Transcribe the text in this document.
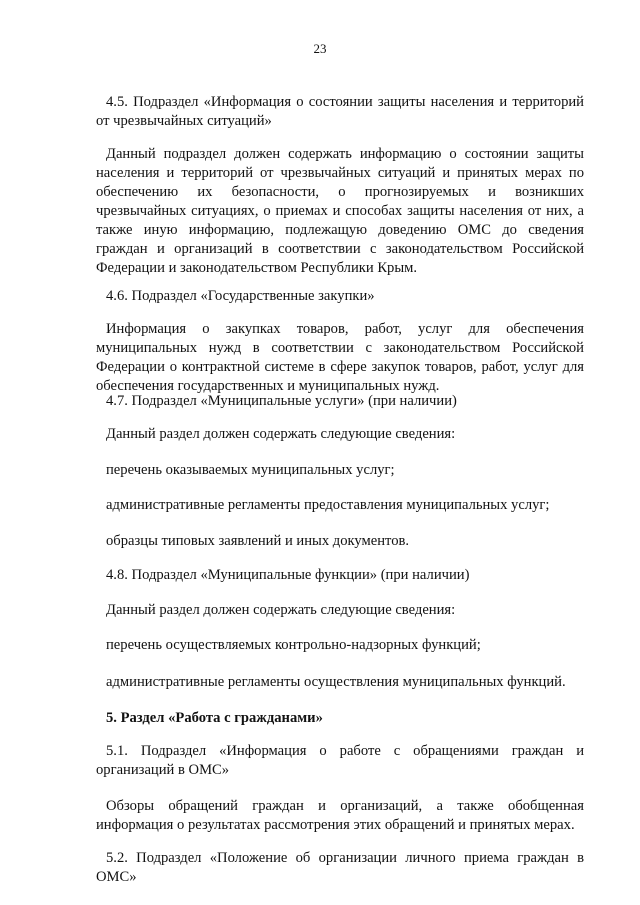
23

4.5. Подраздел «Информация о состоянии защиты населения и территорий от чрезвычайных ситуаций»

Данный подраздел должен содержать информацию о состоянии защиты населения и территорий от чрезвычайных ситуаций и принятых мерах по обеспечению их безопасности, о прогнозируемых и возникших чрезвычайных ситуациях, о приемах и способах защиты населения от них, а также иную информацию, подлежащую доведению ОМС до сведения граждан и организаций в соответствии с законодательством Российской Федерации и законодательством Республики Крым.

4.6. Подраздел «Государственные закупки»

Информация о закупках товаров, работ, услуг для обеспечения муниципальных нужд в соответствии с законодательством Российской Федерации о контрактной системе в сфере закупок товаров, работ, услуг для обеспечения государственных и муниципальных нужд.

4.7. Подраздел «Муниципальные услуги» (при наличии)

Данный раздел должен содержать следующие сведения:

перечень оказываемых муниципальных услуг;

административные регламенты предоставления муниципальных услуг;

образцы типовых заявлений и иных документов.

4.8. Подраздел «Муниципальные функции» (при наличии)

Данный раздел должен содержать следующие сведения:

перечень осуществляемых контрольно-надзорных функций;

административные регламенты осуществления муниципальных функций.

5. Раздел «Работа с гражданами»

5.1. Подраздел «Информация о работе с обращениями граждан и организаций в ОМС»

Обзоры обращений граждан и организаций, а также обобщенная информация о результатах рассмотрения этих обращений и принятых мерах.

5.2. Подраздел «Положение об организации личного приема граждан в ОМС»
